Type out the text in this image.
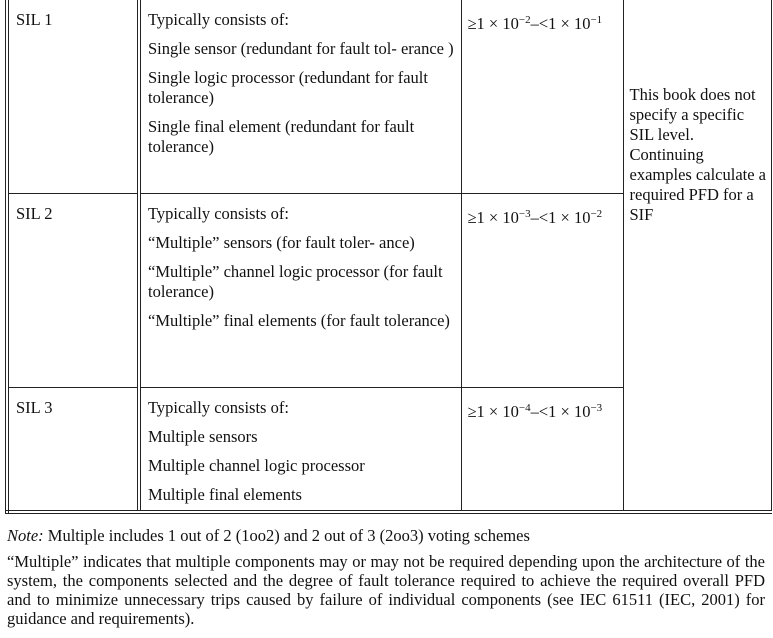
SIL 1	Typically consists of:
Single sensor (redundant for fault tol- erance )
Single logic processor (redundant for fault tolerance)
Single final element (redundant for fault tolerance)	$\ge 1 \times 10^{-2}-<1 \times 10^{-1}$	This book does not specify a specific SIL level. Continuing examples calculate a required PFD for a SIF

SIL 2	Typically consists of:
“Multiple” sensors (for fault toler- ance)
“Multiple” channel logic processor (for fault tolerance)
“Multiple” final elements (for fault tolerance)	$\ge 1 \times 10^{-3}-<1 \times 10^{-2}$
SIL 3	Typically consists of:
Multiple sensors
Multiple channel logic processor
Multiple final elements	$\ge 1 \times 10^{-4}-<1 \times 10^{-3}$
Note: Multiple includes 1 out of 2 (1oo2) and 2 out of 3 (2oo3) voting schemes
“Multiple” indicates that multiple components may or may not be required depending upon the architecture of the system, the components selected and the degree of fault tolerance required to achieve the required overall PFD and to minimize unnecessary trips caused by failure of individual components (see IEC 61511 (IEC, 2001) for guidance and requirements).
